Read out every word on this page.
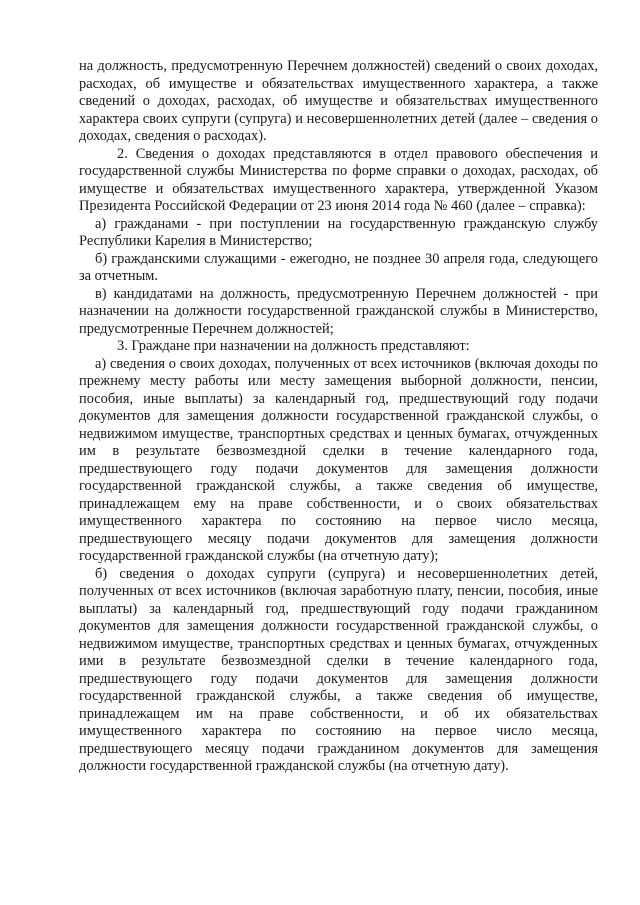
на должность, предусмотренную Перечнем должностей) сведений о своих доходах, расходах, об имуществе и обязательствах имущественного характера, а также сведений о доходах, расходах, об имуществе и обязательствах имущественного характера своих супруги (супруга) и несовершеннолетних детей (далее – сведения о доходах, сведения о расходах).

2. Сведения о доходах представляются в отдел правового обеспечения и государственной службы Министерства по форме справки о доходах, расходах, об имуществе и обязательствах имущественного характера, утвержденной Указом Президента Российской Федерации от 23 июня 2014 года № 460 (далее – справка):

а) гражданами - при поступлении на государственную гражданскую службу Республики Карелия в Министерство;

б) гражданскими служащими - ежегодно, не позднее 30 апреля года, следующего за отчетным.

в) кандидатами на должность, предусмотренную Перечнем должностей - при назначении на должности государственной гражданской службы в Министерство, предусмотренные Перечнем должностей;

3. Граждане при назначении на должность представляют:

а) сведения о своих доходах, полученных от всех источников (включая доходы по прежнему месту работы или месту замещения выборной должности, пенсии, пособия, иные выплаты) за календарный год, предшествующий году подачи документов для замещения должности государственной гражданской службы, о недвижимом имуществе, транспортных средствах и ценных бумагах, отчужденных им в результате безвозмездной сделки в течение календарного года, предшествующего году подачи документов для замещения должности государственной гражданской службы, а также сведения об имуществе, принадлежащем ему на праве собственности, и о своих обязательствах имущественного характера по состоянию на первое число месяца, предшествующего месяцу подачи документов для замещения должности государственной гражданской службы (на отчетную дату);

б) сведения о доходах супруги (супруга) и несовершеннолетних детей, полученных от всех источников (включая заработную плату, пенсии, пособия, иные выплаты) за календарный год, предшествующий году подачи гражданином документов для замещения должности государственной гражданской службы, о недвижимом имуществе, транспортных средствах и ценных бумагах, отчужденных ими в результате безвозмездной сделки в течение календарного года, предшествующего году подачи документов для замещения должности государственной гражданской службы, а также сведения об имуществе, принадлежащем им на праве собственности, и об их обязательствах имущественного характера по состоянию на первое число месяца, предшествующего месяцу подачи гражданином документов для замещения должности государственной гражданской службы (на отчетную дату).
